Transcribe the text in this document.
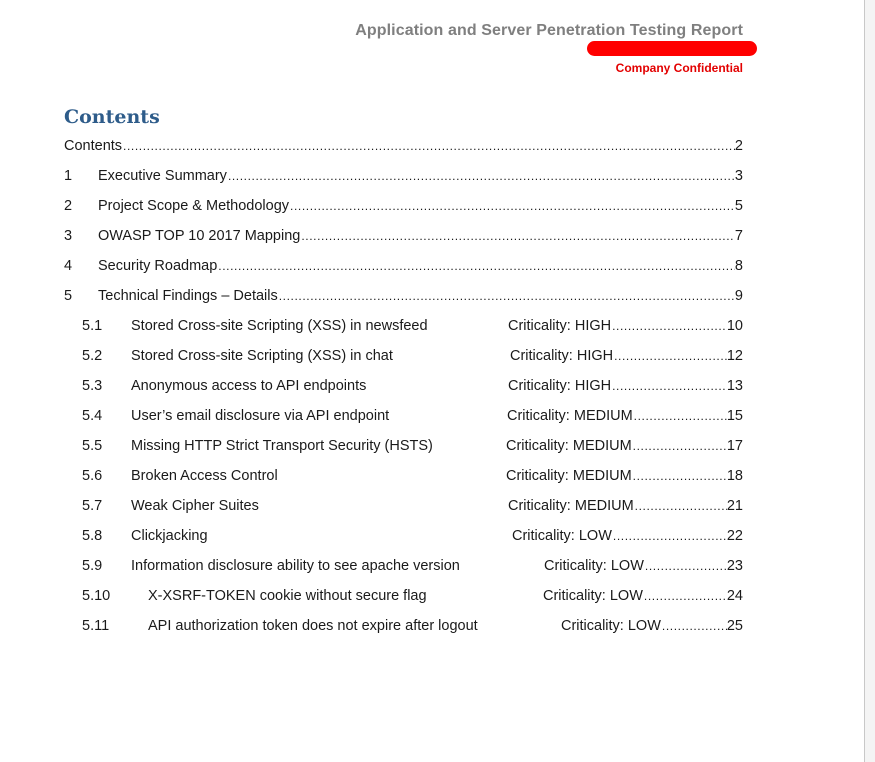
Application and Server Penetration Testing Report
Company Confidential
Contents
Contents .....	2
1	Executive Summary .....	3
2	Project Scope & Methodology .....	5
3	OWASP TOP 10 2017 Mapping .....	7
4	Security Roadmap .....	8
5	Technical Findings – Details .....	9
5.1	Stored Cross-site Scripting (XSS) in newsfeed	Criticality: HIGH .....	10
5.2	Stored Cross-site Scripting (XSS) in chat	Criticality: HIGH .....	12
5.3	Anonymous access to API endpoints	Criticality: HIGH .....	13
5.4	User’s email disclosure via API endpoint	Criticality: MEDIUM .....	15
5.5	Missing HTTP Strict Transport Security (HSTS)	Criticality: MEDIUM .....	17
5.6	Broken Access Control	Criticality: MEDIUM .....	18
5.7	Weak Cipher Suites	Criticality: MEDIUM .....	21
5.8	Clickjacking	Criticality: LOW .....	22
5.9	Information disclosure ability to see apache version	Criticality: LOW .....	23
5.10	X-XSRF-TOKEN cookie without secure flag	Criticality: LOW .....	24
5.11	API authorization token does not expire after logout	Criticality: LOW .....	25
